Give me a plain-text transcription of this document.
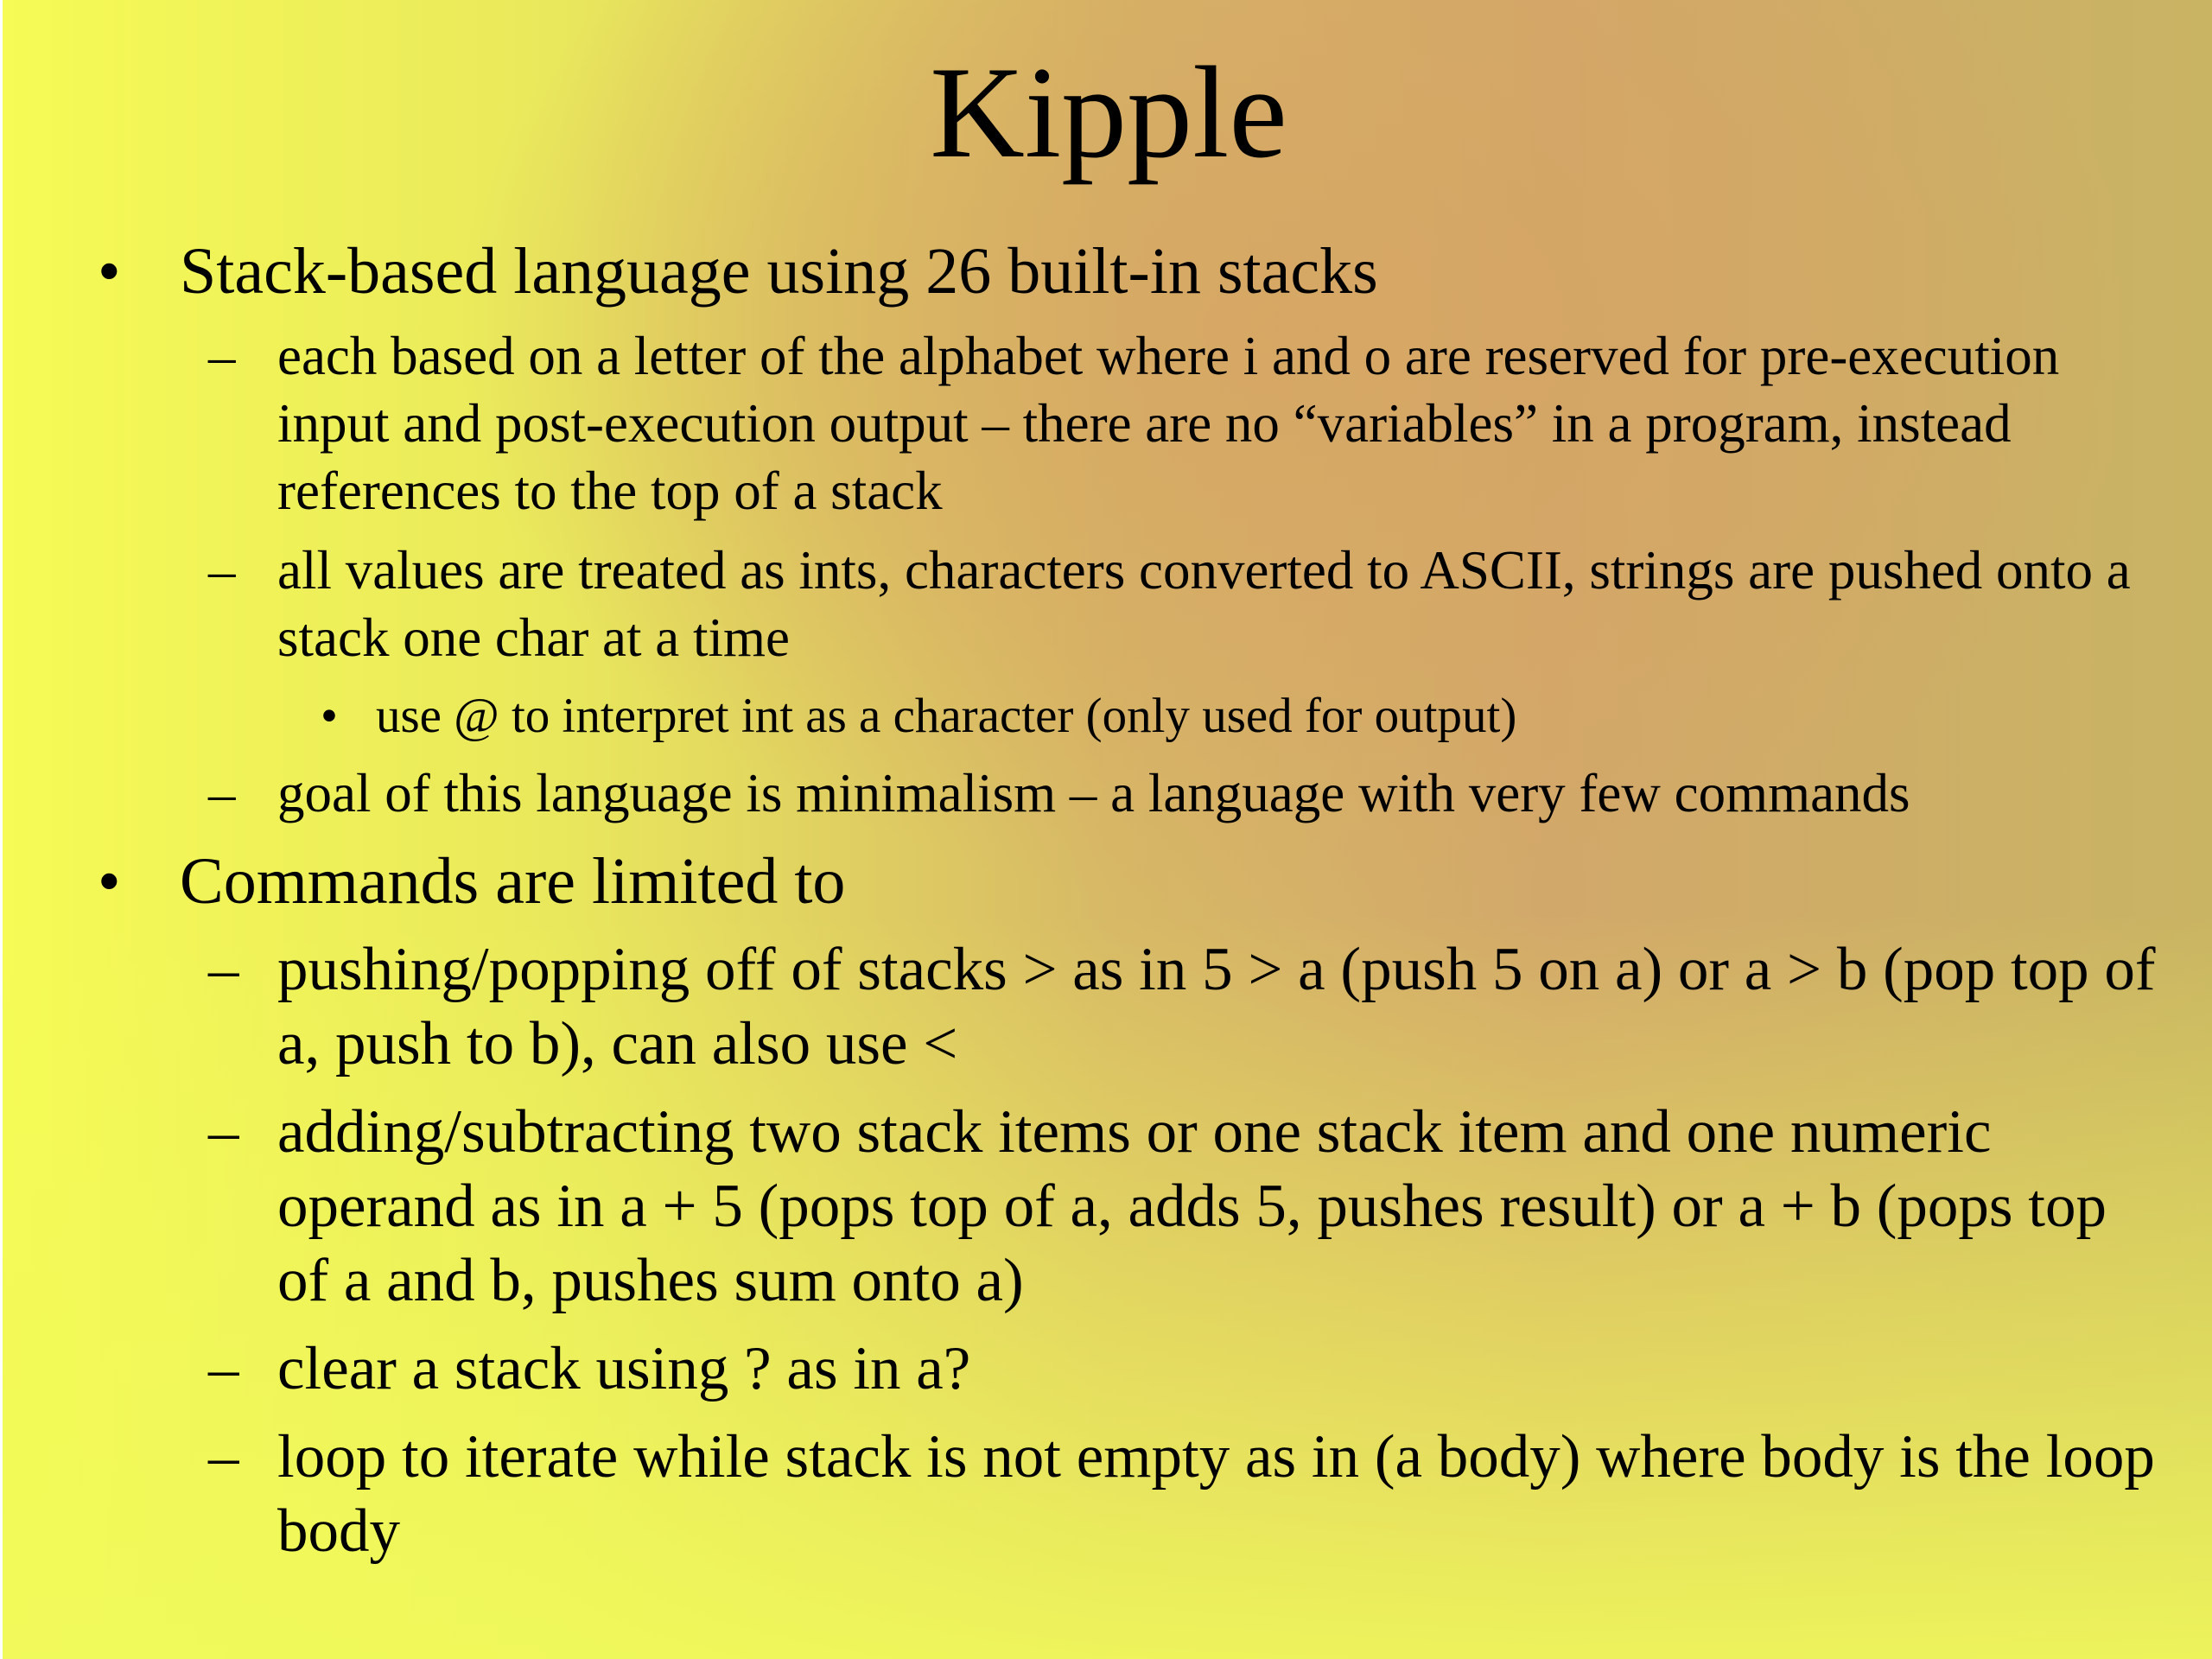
Kipple
• Stack-based language using 26 built-in stacks
– each based on a letter of the alphabet where i and o are reserved for pre-execution input and post-execution output – there are no “variables” in a program, instead references to the top of a stack
– all values are treated as ints, characters converted to ASCII, strings are pushed onto a stack one char at a time
• use @ to interpret int as a character (only used for output)
– goal of this language is minimalism – a language with very few commands
• Commands are limited to
– pushing/popping off of stacks > as in 5 > a (push 5 on a) or a > b (pop top of a, push to b), can also use <
– adding/subtracting two stack items or one stack item and one numeric operand as in a + 5 (pops top of a, adds 5, pushes result) or a + b (pops top of a and b, pushes sum onto a)
– clear a stack using ? as in a?
– loop to iterate while stack is not empty as in (a body) where body is the loop body
